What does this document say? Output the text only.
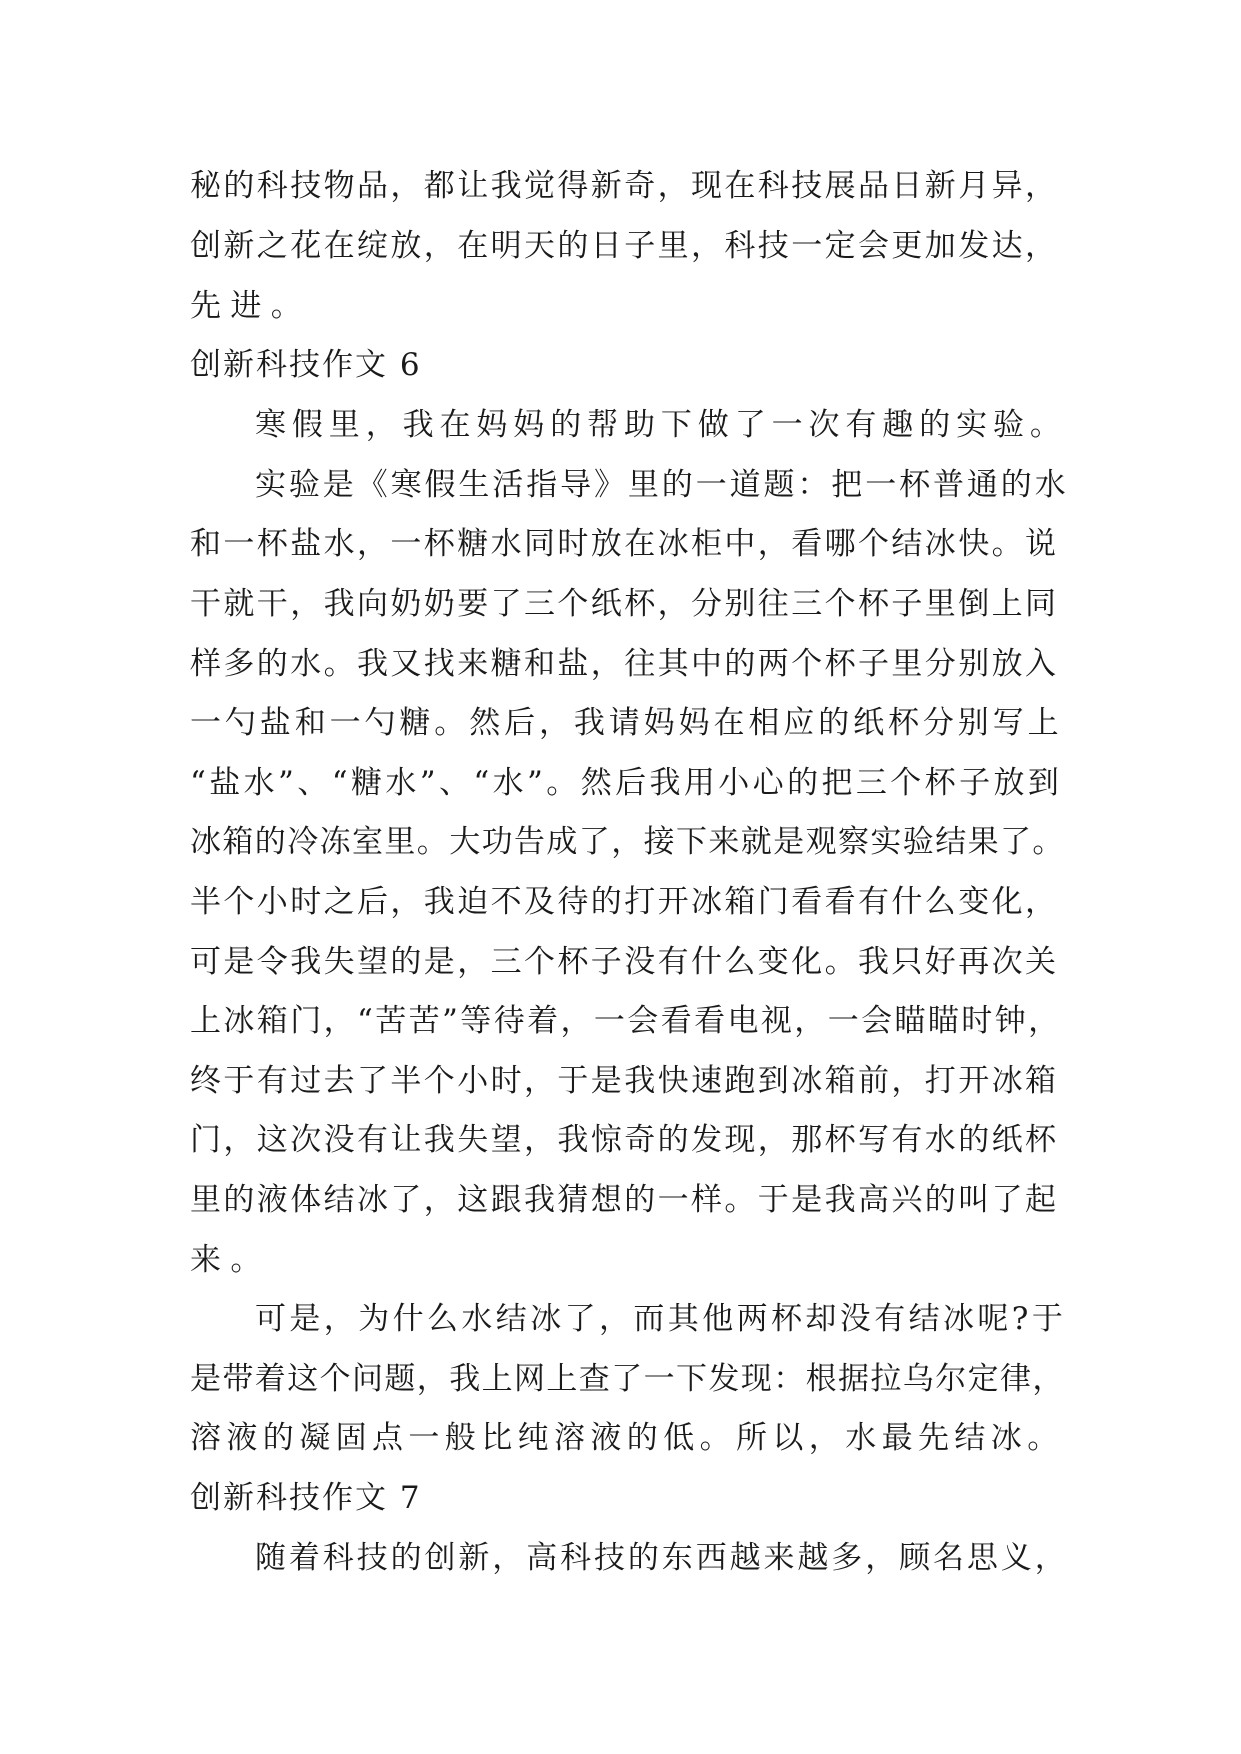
秘的科技物品，都让我觉得新奇，现在科技展品日新月异，
创新之花在绽放，在明天的日子里，科技一定会更加发达，
先进。
创新科技作文 6
寒假里，我在妈妈的帮助下做了一次有趣的实验。
实验是《寒假生活指导》里的一道题：把一杯普通的水
和一杯盐水，一杯糖水同时放在冰柜中，看哪个结冰快。说
干就干，我向奶奶要了三个纸杯，分别往三个杯子里倒上同
样多的水。我又找来糖和盐，往其中的两个杯子里分别放入
一勺盐和一勺糖。然后，我请妈妈在相应的纸杯分别写上
“盐水”、“糖水”、“水”。然后我用小心的把三个杯子放到
冰箱的冷冻室里。大功告成了，接下来就是观察实验结果了。
半个小时之后，我迫不及待的打开冰箱门看看有什么变化，
可是令我失望的是，三个杯子没有什么变化。我只好再次关
上冰箱门，“苦苦”等待着，一会看看电视，一会瞄瞄时钟，
终于有过去了半个小时，于是我快速跑到冰箱前，打开冰箱
门，这次没有让我失望，我惊奇的发现，那杯写有水的纸杯
里的液体结冰了，这跟我猜想的一样。于是我高兴的叫了起
来。
可是，为什么水结冰了，而其他两杯却没有结冰呢?于
是带着这个问题，我上网上查了一下发现：根据拉乌尔定律，
溶液的凝固点一般比纯溶液的低。所以，水最先结冰。
创新科技作文 7
随着科技的创新，高科技的东西越来越多，顾名思义，
